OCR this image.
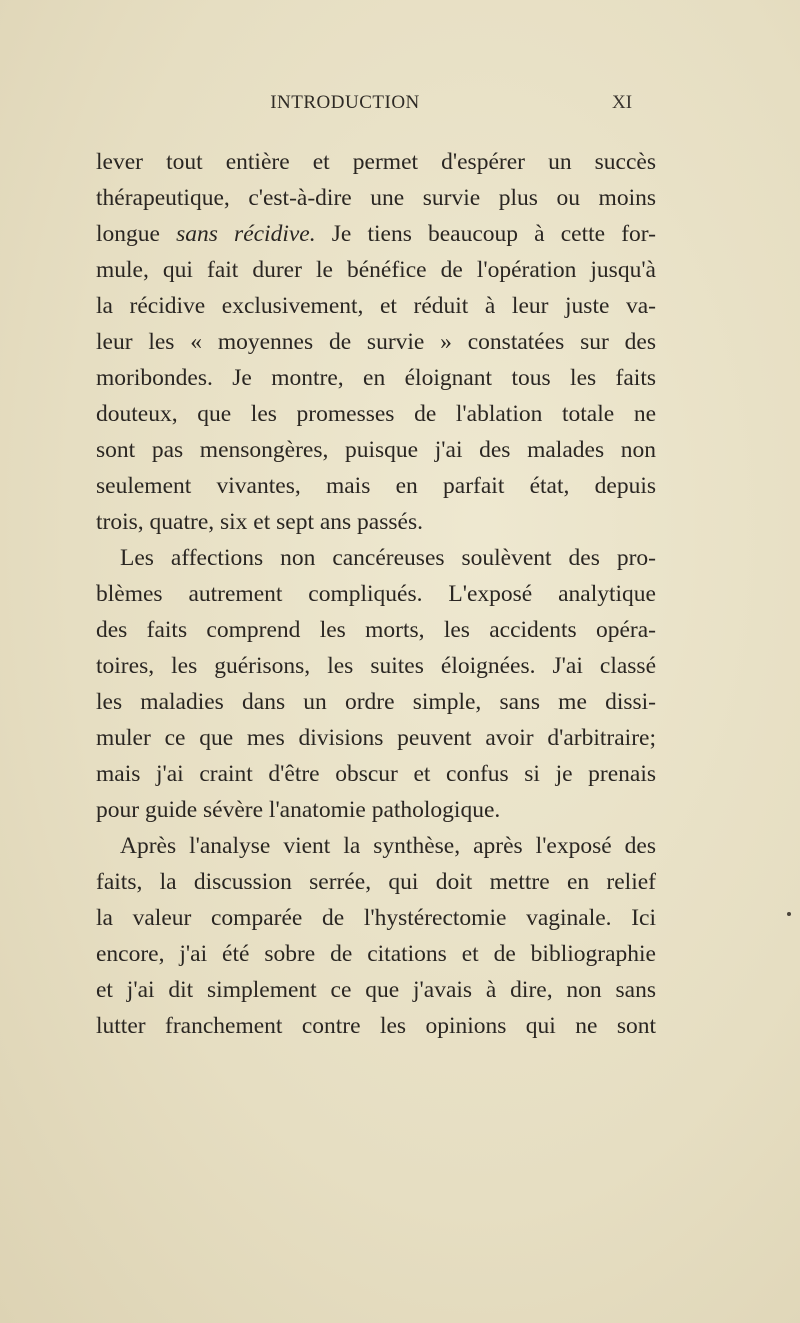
INTRODUCTION	XI
lever tout entière et permet d'espérer un succès
thérapeutique, c'est-à-dire une survie plus ou moins
longue sans récidive. Je tiens beaucoup à cette for-
mule, qui fait durer le bénéfice de l'opération jusqu'à
la récidive exclusivement, et réduit à leur juste va-
leur les « moyennes de survie » constatées sur des
moribondes. Je montre, en éloignant tous les faits
douteux, que les promesses de l'ablation totale ne
sont pas mensongères, puisque j'ai des malades non
seulement vivantes, mais en parfait état, depuis
trois, quatre, six et sept ans passés.
Les affections non cancéreuses soulèvent des pro-
blèmes autrement compliqués. L'exposé analytique
des faits comprend les morts, les accidents opéra-
toires, les guérisons, les suites éloignées. J'ai classé
les maladies dans un ordre simple, sans me dissi-
muler ce que mes divisions peuvent avoir d'arbitraire;
mais j'ai craint d'être obscur et confus si je prenais
pour guide sévère l'anatomie pathologique.
Après l'analyse vient la synthèse, après l'exposé des
faits, la discussion serrée, qui doit mettre en relief
la valeur comparée de l'hystérectomie vaginale. Ici
encore, j'ai été sobre de citations et de bibliographie
et j'ai dit simplement ce que j'avais à dire, non sans
lutter franchement contre les opinions qui ne sont
